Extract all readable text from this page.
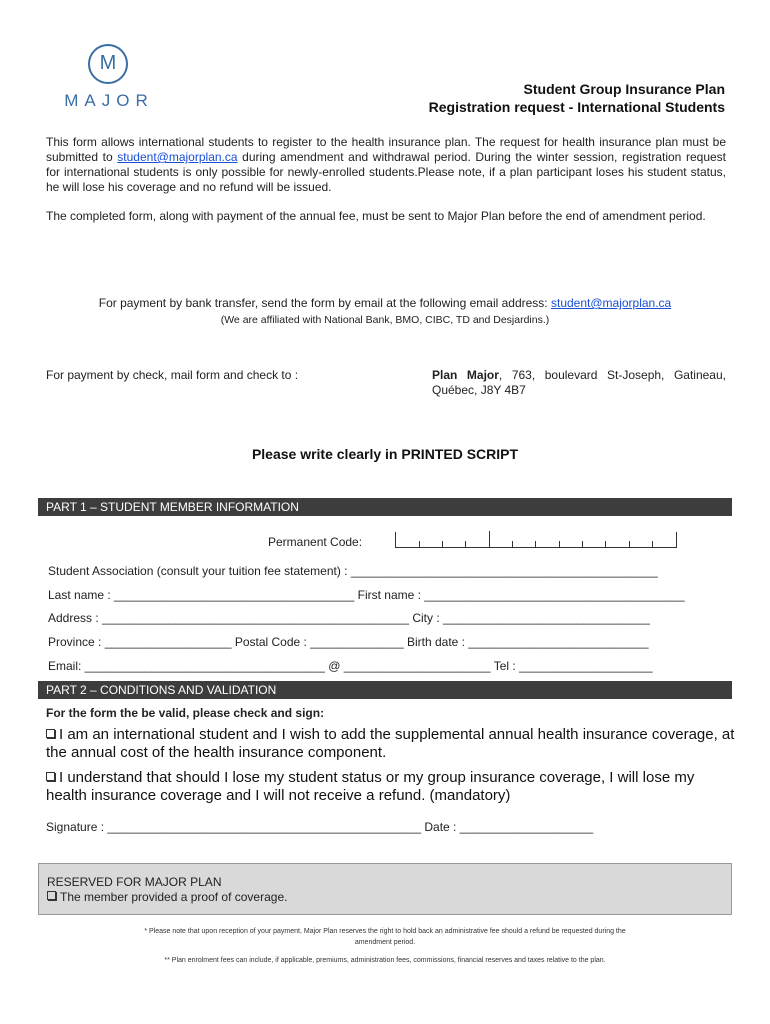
M
MAJOR
Student Group Insurance Plan
Registration request - International Students
This form allows international students to register to the health insurance plan. The request for health insurance plan must be submitted to student@majorplan.ca during amendment and withdrawal period. During the winter session, registration request for international students is only possible for newly-enrolled students.Please note, if a plan participant loses his student status, he will lose his coverage and no refund will be issued.
The completed form, along with payment of the annual fee, must be sent to Major Plan before the end of amendment period.
For payment by bank transfer, send the form by email at the following email address: student@majorplan.ca
(We are affiliated with National Bank, BMO, CIBC, TD and Desjardins.)
For payment by check, mail form and check to :	Plan Major, 763, boulevard St-Joseph, Gatineau, Québec, J8Y 4B7
Please write clearly in PRINTED SCRIPT
PART 1 – STUDENT MEMBER INFORMATION
Permanent Code:
Student Association (consult your tuition fee statement) : ______________________________________________
Last name : ____________________________________ First name : _______________________________________
Address : ______________________________________________ City : _______________________________
Province : ___________________ Postal Code : ______________ Birth date : ___________________________
Email: ____________________________________ @ ______________________ Tel : ____________________
PART 2 – CONDITIONS AND VALIDATION
For the form the be valid, please check and sign:
I am an international student and I wish to add the supplemental annual health insurance coverage, at the annual cost of the health insurance component.
I understand that should I lose my student status or my group insurance coverage, I will lose my health insurance coverage and I will not receive a refund. (mandatory)
Signature : _______________________________________________ Date : ____________________
RESERVED FOR MAJOR PLAN
The member provided a proof of coverage.
* Please note that upon reception of your payment, Major Plan reserves the right to hold back an administrative fee should a refund be requested during the amendment period.
** Plan enrolment fees can include, if applicable, premiums, administration fees, commissions, financial reserves and taxes relative to the plan.
